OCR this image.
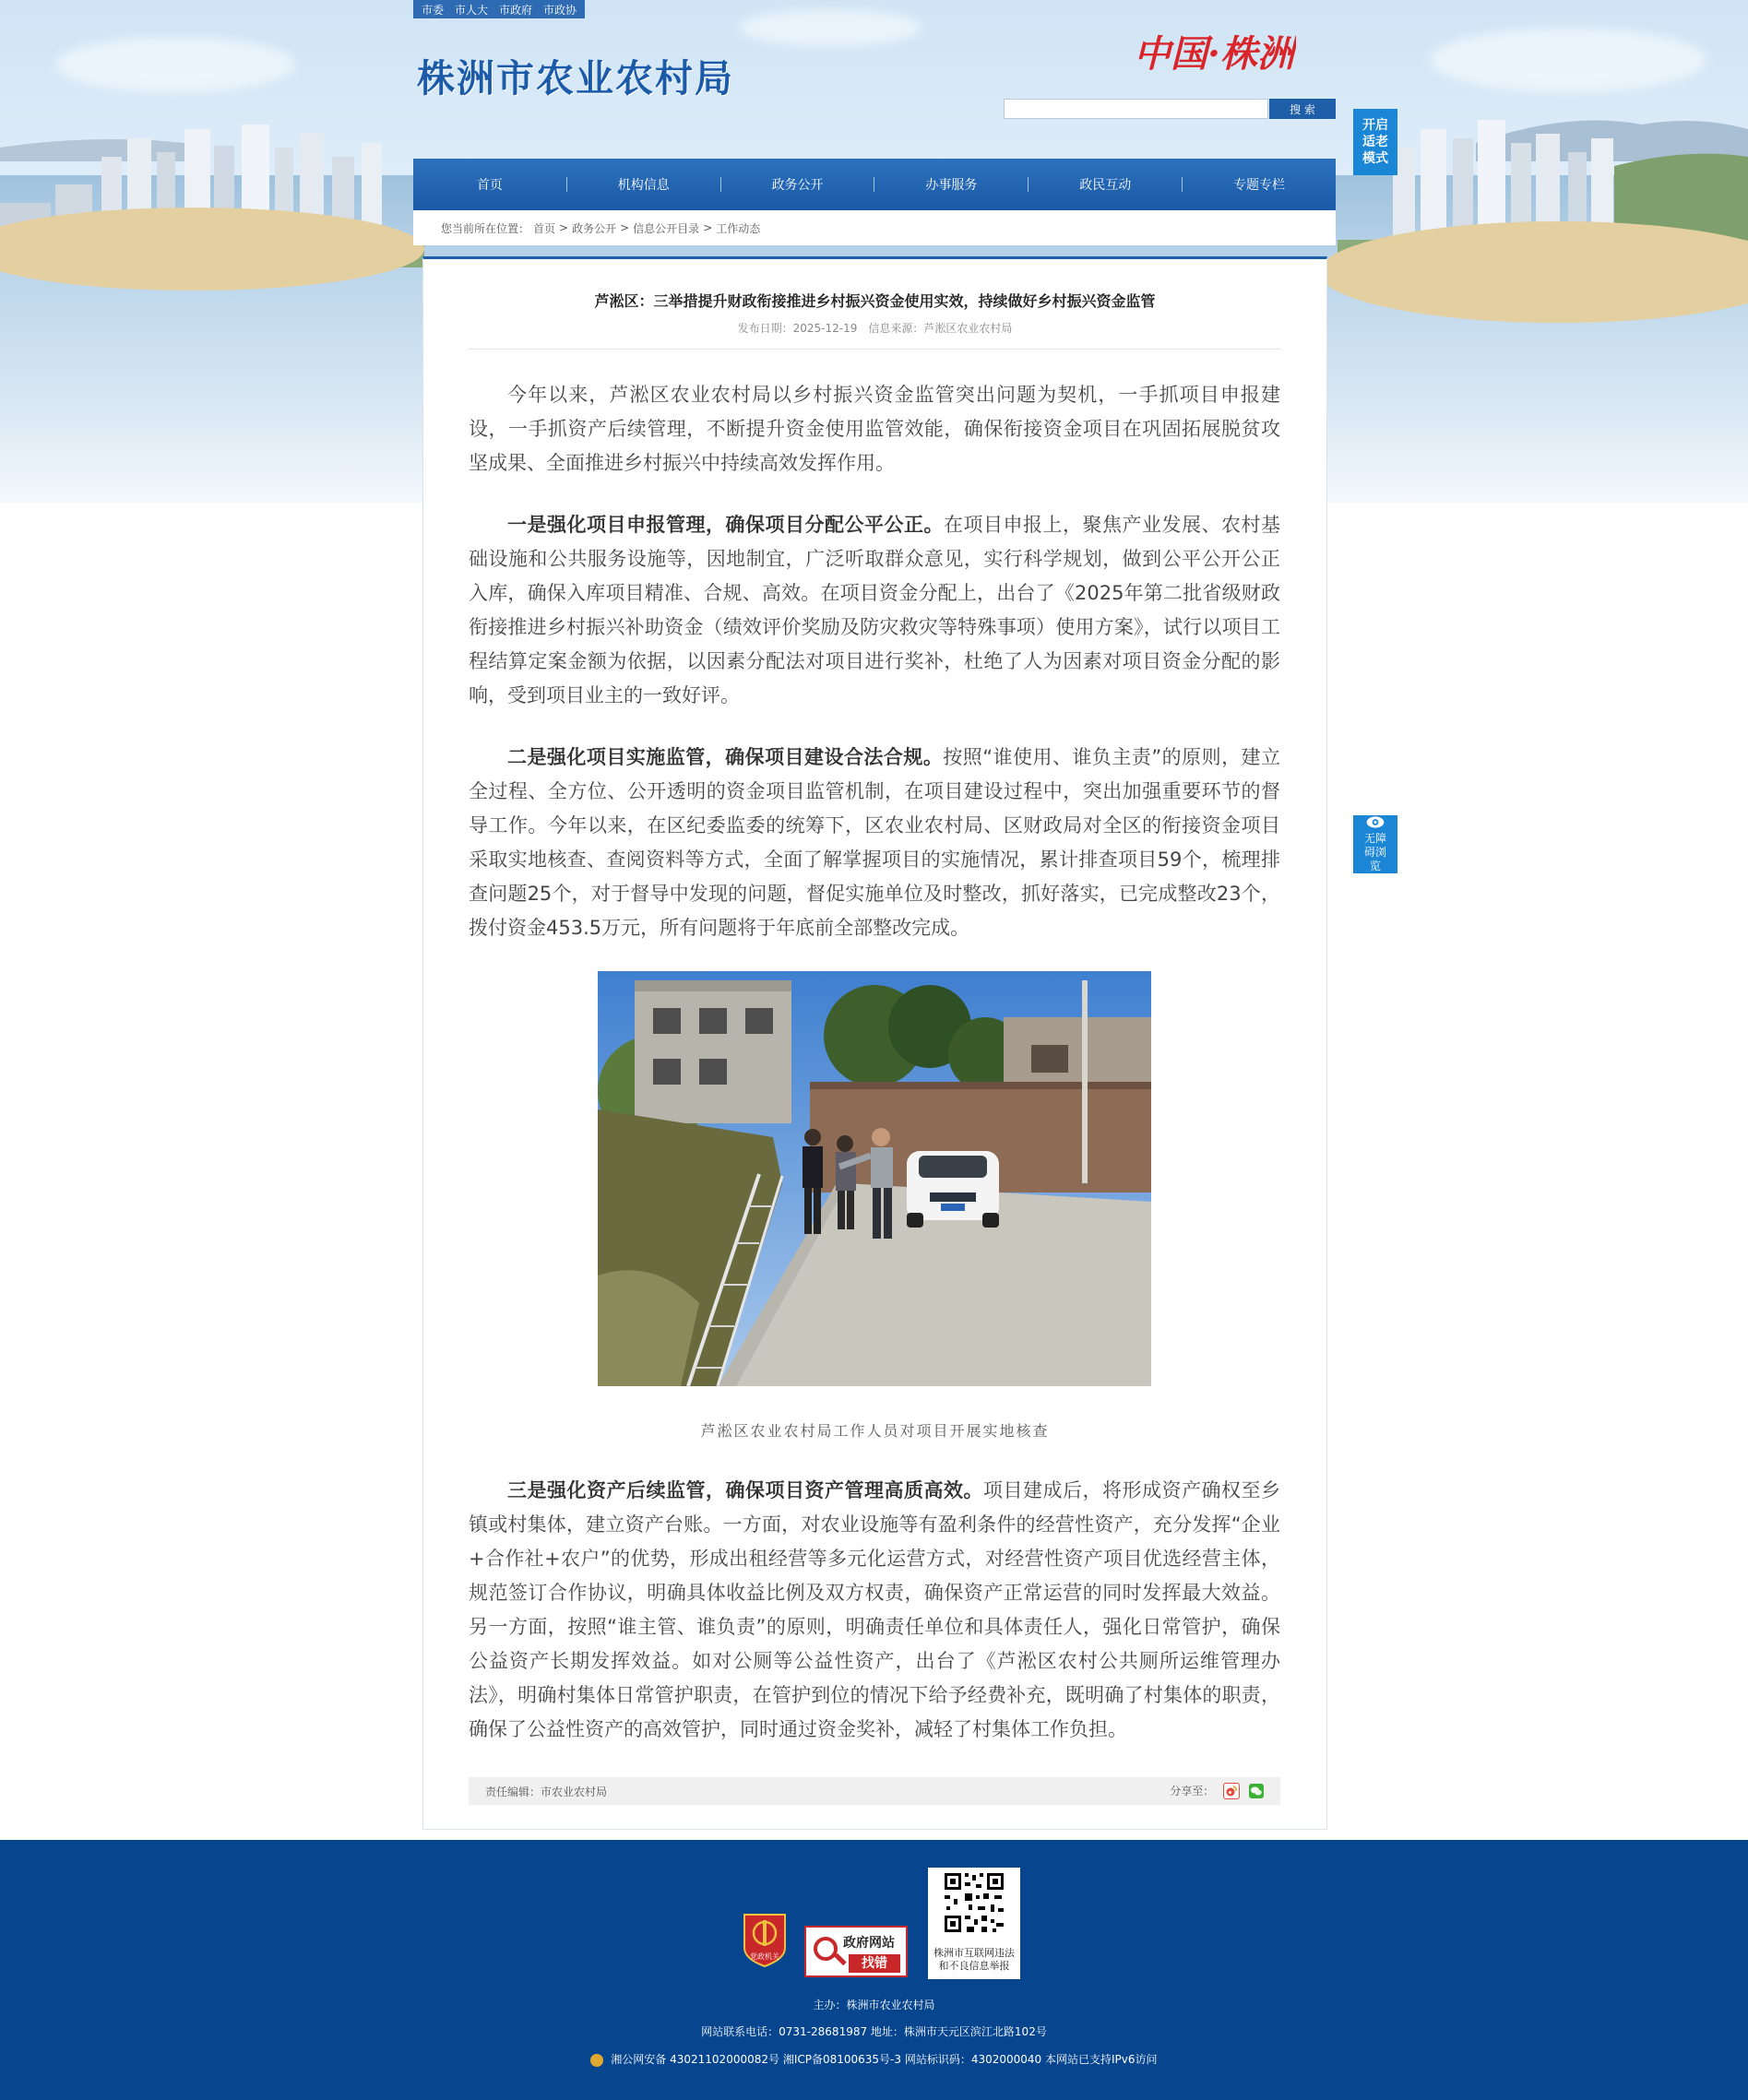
市委 市人大 市政府 市政协
株洲市农业农村局
中国·株洲
搜 索
开启适老模式
无障碍浏览
首页	机构信息	政务公开	办事服务	政民互动	专题专栏
您当前所在位置： 首页 > 政务公开 > 信息公开目录 > 工作动态
芦淞区：三举措提升财政衔接推进乡村振兴资金使用实效，持续做好乡村振兴资金监管
发布日期：2025-12-19　信息来源：芦淞区农业农村局

今年以来，芦淞区农业农村局以乡村振兴资金监管突出问题为契机，一手抓项目申报建设，一手抓资产后续管理，不断提升资金使用监管效能，确保衔接资金项目在巩固拓展脱贫攻坚成果、全面推进乡村振兴中持续高效发挥作用。

一是强化项目申报管理，确保项目分配公平公正。在项目申报上，聚焦产业发展、农村基础设施和公共服务设施等，因地制宜，广泛听取群众意见，实行科学规划，做到公平公开公正入库，确保入库项目精准、合规、高效。在项目资金分配上，出台了《2025年第二批省级财政衔接推进乡村振兴补助资金（绩效评价奖励及防灾救灾等特殊事项）使用方案》，试行以项目工程结算定案金额为依据，以因素分配法对项目进行奖补，杜绝了人为因素对项目资金分配的影响，受到项目业主的一致好评。

二是强化项目实施监管，确保项目建设合法合规。按照“谁使用、谁负主责”的原则，建立全过程、全方位、公开透明的资金项目监管机制，在项目建设过程中，突出加强重要环节的督导工作。今年以来，在区纪委监委的统筹下，区农业农村局、区财政局对全区的衔接资金项目采取实地核查、查阅资料等方式，全面了解掌握项目的实施情况，累计排查项目59个，梳理排查问题25个，对于督导中发现的问题，督促实施单位及时整改，抓好落实，已完成整改23个，拨付资金453.5万元，所有问题将于年底前全部整改完成。

芦淞区农业农村局工作人员对项目开展实地核查

三是强化资产后续监管，确保项目资产管理高质高效。项目建成后，将形成资产确权至乡镇或村集体，建立资产台账。一方面，对农业设施等有盈利条件的经营性资产，充分发挥“企业+合作社+农户”的优势，形成出租经营等多元化运营方式，对经营性资产项目优选经营主体，规范签订合作协议，明确具体收益比例及双方权责，确保资产正常运营的同时发挥最大效益。另一方面，按照“谁主管、谁负责”的原则，明确责任单位和具体责任人，强化日常管护，确保公益资产长期发挥效益。如对公厕等公益性资产，出台了《芦淞区农村公共厕所运维管理办法》，明确村集体日常管护职责，在管护到位的情况下给予经费补充，既明确了村集体的职责，确保了公益性资产的高效管护，同时通过资金奖补，减轻了村集体工作负担。

责任编辑：市农业农村局	分享至：
党政机关
政府网站
找错
株洲市互联网违法和不良信息举报
主办：株洲市农业农村局
网站联系电话：0731-28681987 地址：株洲市天元区滨江北路102号
湘公网安备 43021102000082号 湘ICP备08100635号-3 网站标识码：4302000040 本网站已支持IPv6访问
